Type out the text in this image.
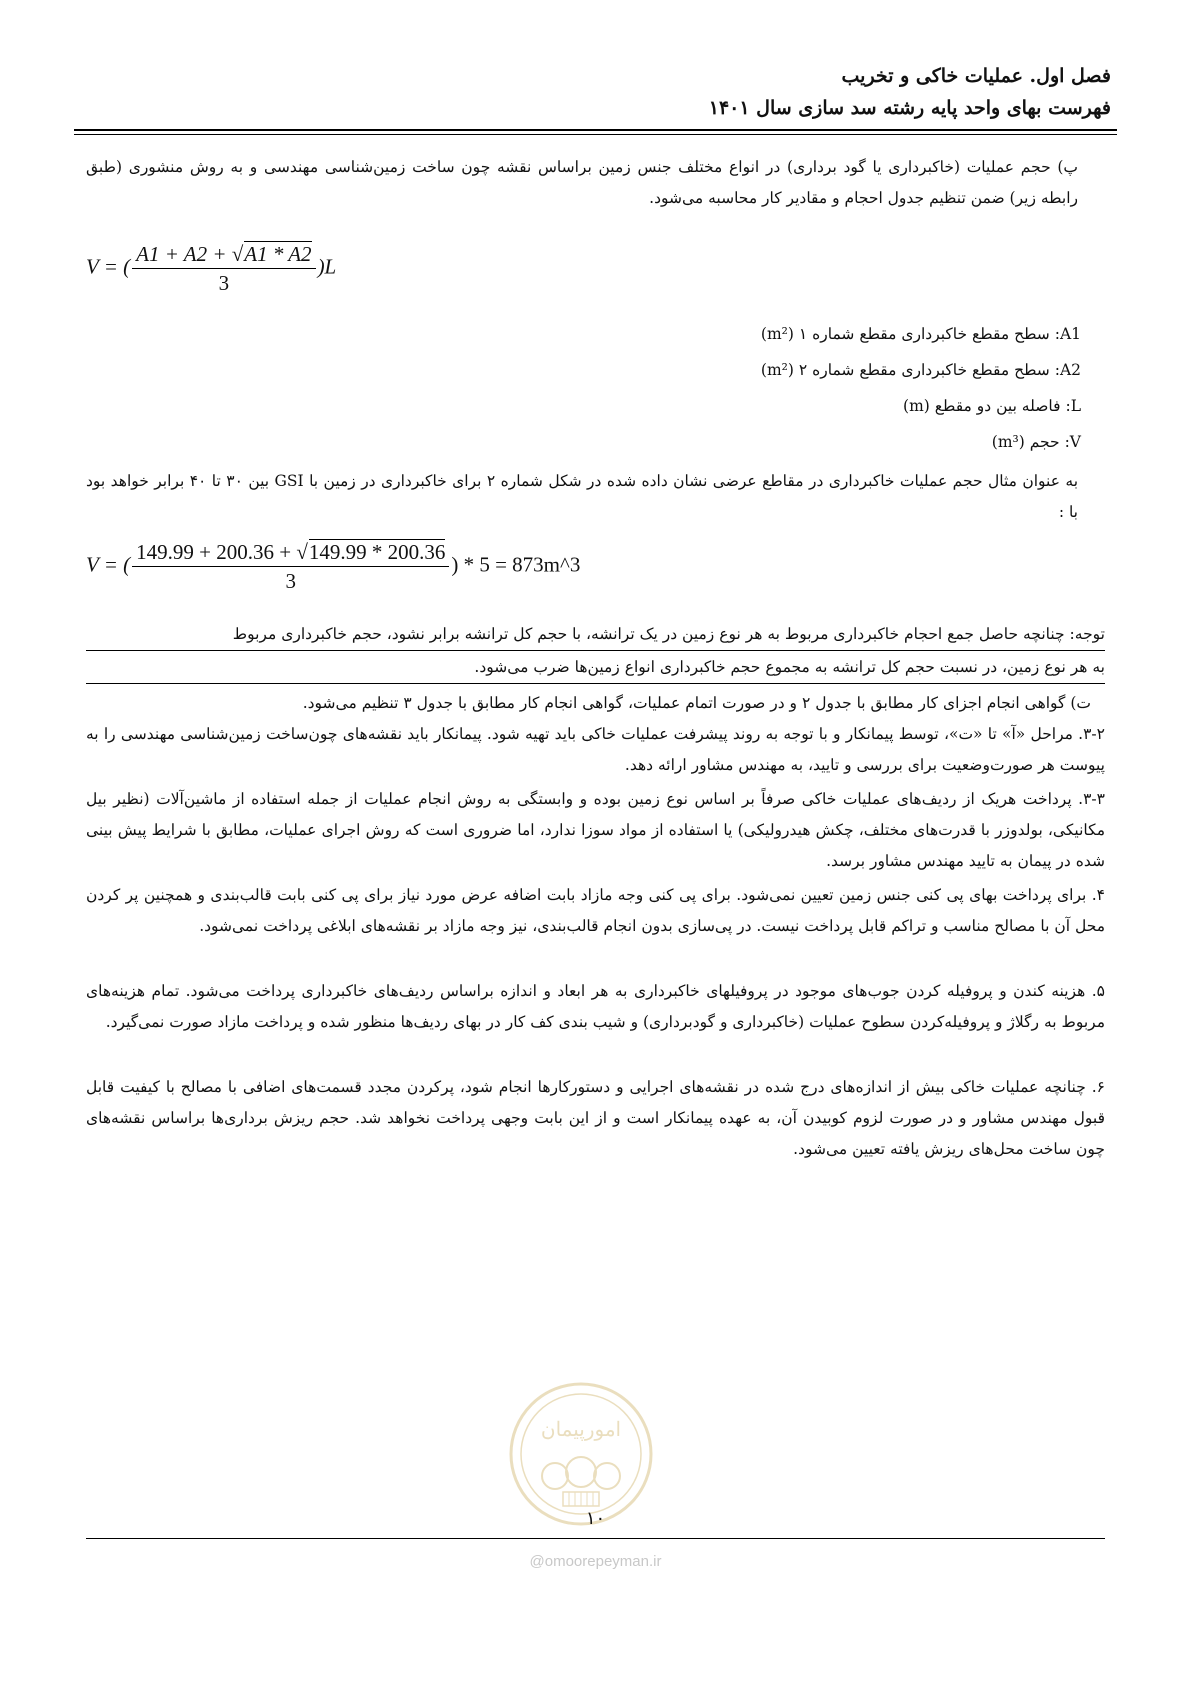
فصل اول. عملیات خاکی و تخریب
فهرست بهای واحد پایه رشته سد سازی سال ۱۴۰۱
پ) حجم عملیات (خاکبرداری یا گود برداری) در انواع مختلف جنس زمین براساس نقشه چون ساخت زمین‌شناسی مهندسی و به روش منشوری (طبق رابطه زیر) ضمن تنظیم جدول احجام و مقادیر کار محاسبه می‌شود.
V = ( $\frac{A1 + A2 + √A1 * A2}{3} )L$
A1: سطح مقطع خاکبرداری مقطع شماره ۱ (m²)
A2: سطح مقطع خاکبرداری مقطع شماره ۲ (m²)
L: فاصله بین دو مقطع (m)
V: حجم (m³)
به عنوان مثال حجم عملیات خاکبرداری در مقاطع عرضی نشان داده شده در شکل شماره ۲ برای خاکبرداری در زمین با GSI بین ۳۰ تا ۴۰ برابر خواهد بود با :
V = ( $\frac{149.99 + 200.36 + √149.99 * 200.36}{3}$ ) * 5 = 873m^3
توجه: چنانچه حاصل جمع احجام خاکبرداری مربوط به هر نوع زمین در یک ترانشه، با حجم کل ترانشه برابر نشود، حجم خاکبرداری مربوط
به هر نوع زمین، در نسبت حجم کل ترانشه به مجموع حجم خاکبرداری انواع زمین‌ها ضرب می‌شود.
ت) گواهی انجام اجزای کار مطابق با جدول ۲ و در صورت اتمام عملیات، گواهی انجام کار مطابق با جدول ۳ تنظیم می‌شود.
۳-۲. مراحل «آ» تا «ت»، توسط پیمانکار و با توجه به روند پیشرفت عملیات خاکی باید تهیه شود. پیمانکار باید نقشه‌های چون‌ساخت زمین‌شناسی مهندسی را به پیوست هر صورت‌وضعیت برای بررسی و تایید، به مهندس مشاور ارائه دهد.
۳-۳. پرداخت هریک از ردیف‌های عملیات خاکی صرفاً بر اساس نوع زمین بوده و وابستگی به روش انجام عملیات از جمله استفاده از ماشین‌آلات (نظیر بیل مکانیکی، بولدوزر با قدرت‌های مختلف، چکش هیدرولیکی) یا استفاده از مواد سوزا ندارد، اما ضروری است که روش اجرای عملیات، مطابق با شرایط پیش بینی شده در پیمان به تایید مهندس مشاور برسد.
۴. برای پرداخت بهای پی کنی جنس زمین تعیین نمی‌شود. برای پی کنی وجه مازاد بابت اضافه عرض مورد نیاز برای پی کنی بابت قالب‌بندی و همچنین پر کردن محل آن با مصالح مناسب و تراکم قابل پرداخت نیست. در پی‌سازی بدون انجام قالب‌بندی، نیز وجه مازاد بر نقشه‌های ابلاغی پرداخت نمی‌شود.
۵. هزینه کندن و پروفیله کردن جوب‌های موجود در پروفیلهای خاکبرداری به هر ابعاد و اندازه براساس ردیف‌های خاکبرداری پرداخت می‌شود. تمام هزینه‌های مربوط به رگلاژ و پروفیله‌کردن سطوح عملیات (خاکبرداری و گودبرداری) و شیب بندی کف کار در بهای ردیف‌ها منظور شده و پرداخت مازاد صورت نمی‌گیرد.
۶. چنانچه عملیات خاکی بیش از اندازه‌های درج شده در نقشه‌های اجرایی و دستورکارها انجام شود، پرکردن مجدد قسمت‌های اضافی با مصالح با کیفیت قابل قبول مهندس مشاور و در صورت لزوم کوبیدن آن، به عهده پیمانکار است و از این بابت وجهی پرداخت نخواهد شد. حجم ریزش برداری‌ها براساس نقشه‌های چون ساخت محل‌های ریزش یافته تعیین می‌شود.
امورپیمان
۱۰
@omoorepeyman.ir
